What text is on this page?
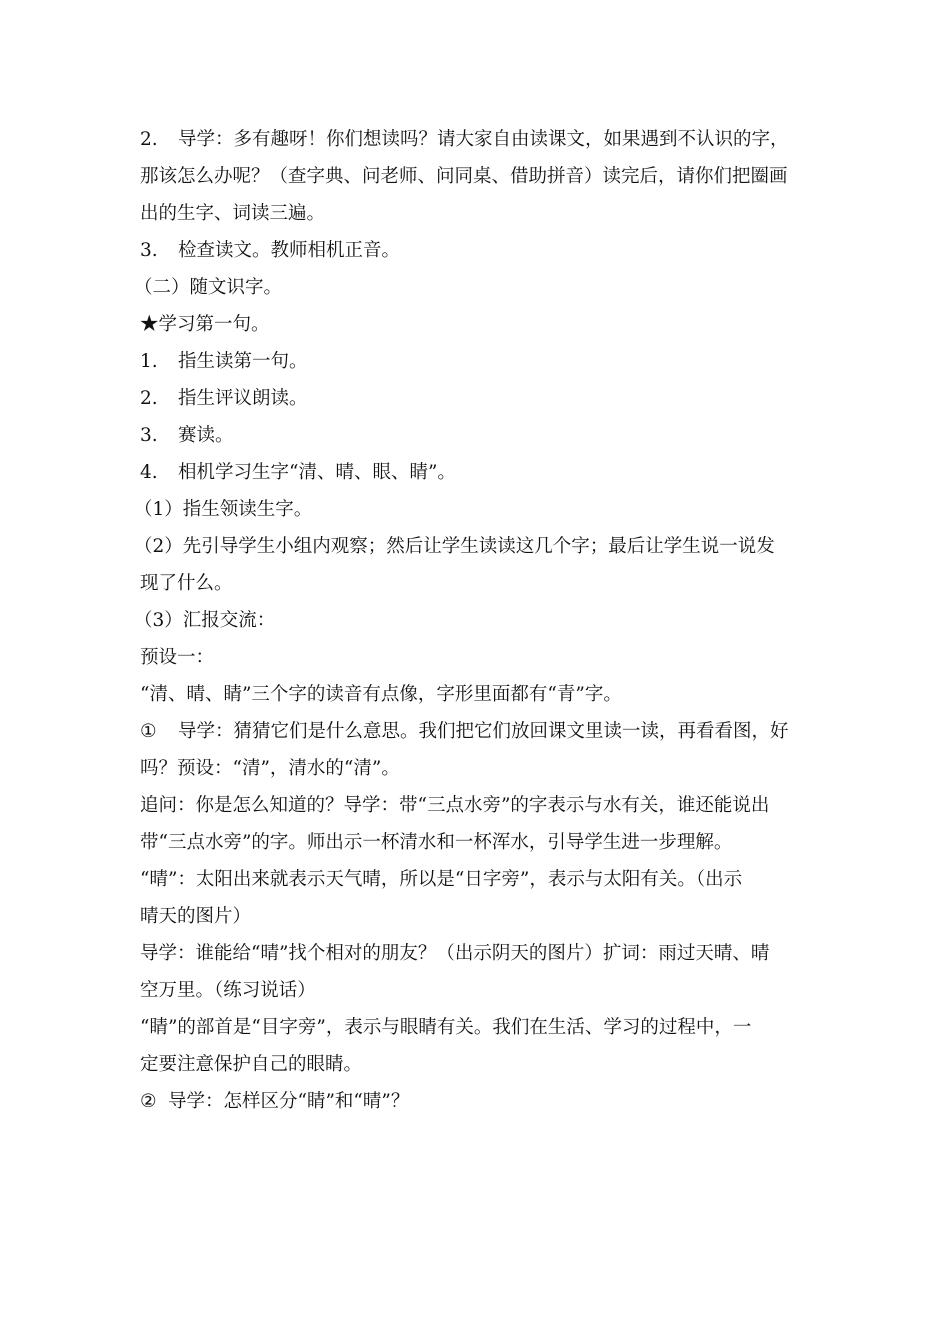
2. 导学：多有趣呀！你们想读吗？请大家自由读课文，如果遇到不认识的字，
那该怎么办呢？（查字典、问老师、问同桌、借助拼音）读完后，请你们把圈画
出的生字、词读三遍。
3. 检查读文。教师相机正音。
（二）随文识字。
★学习第一句。
1. 指生读第一句。
2. 指生评议朗读。
3. 赛读。
4. 相机学习生字“清、晴、眼、睛”。
（1）指生领读生字。
（2）先引导学生小组内观察；然后让学生读读这几个字；最后让学生说一说发
现了什么。
（3）汇报交流：
预设一：
“清、晴、睛”三个字的读音有点像，字形里面都有“青”字。
① 导学：猜猜它们是什么意思。我们把它们放回课文里读一读，再看看图，好
吗？预设：“清”，清水的“清”。
追问：你是怎么知道的？导学：带“三点水旁”的字表示与水有关，谁还能说出
带“三点水旁”的字。师出示一杯清水和一杯浑水，引导学生进一步理解。
“晴”：太阳出来就表示天气晴，所以是“日字旁”，表示与太阳有关。（出示
晴天的图片）
导学：谁能给“晴”找个相对的朋友？（出示阴天的图片）扩词：雨过天晴、晴
空万里。（练习说话）
“睛”的部首是“目字旁”，表示与眼睛有关。我们在生活、学习的过程中，一
定要注意保护自己的眼睛。
② 导学：怎样区分“睛”和“晴”？
